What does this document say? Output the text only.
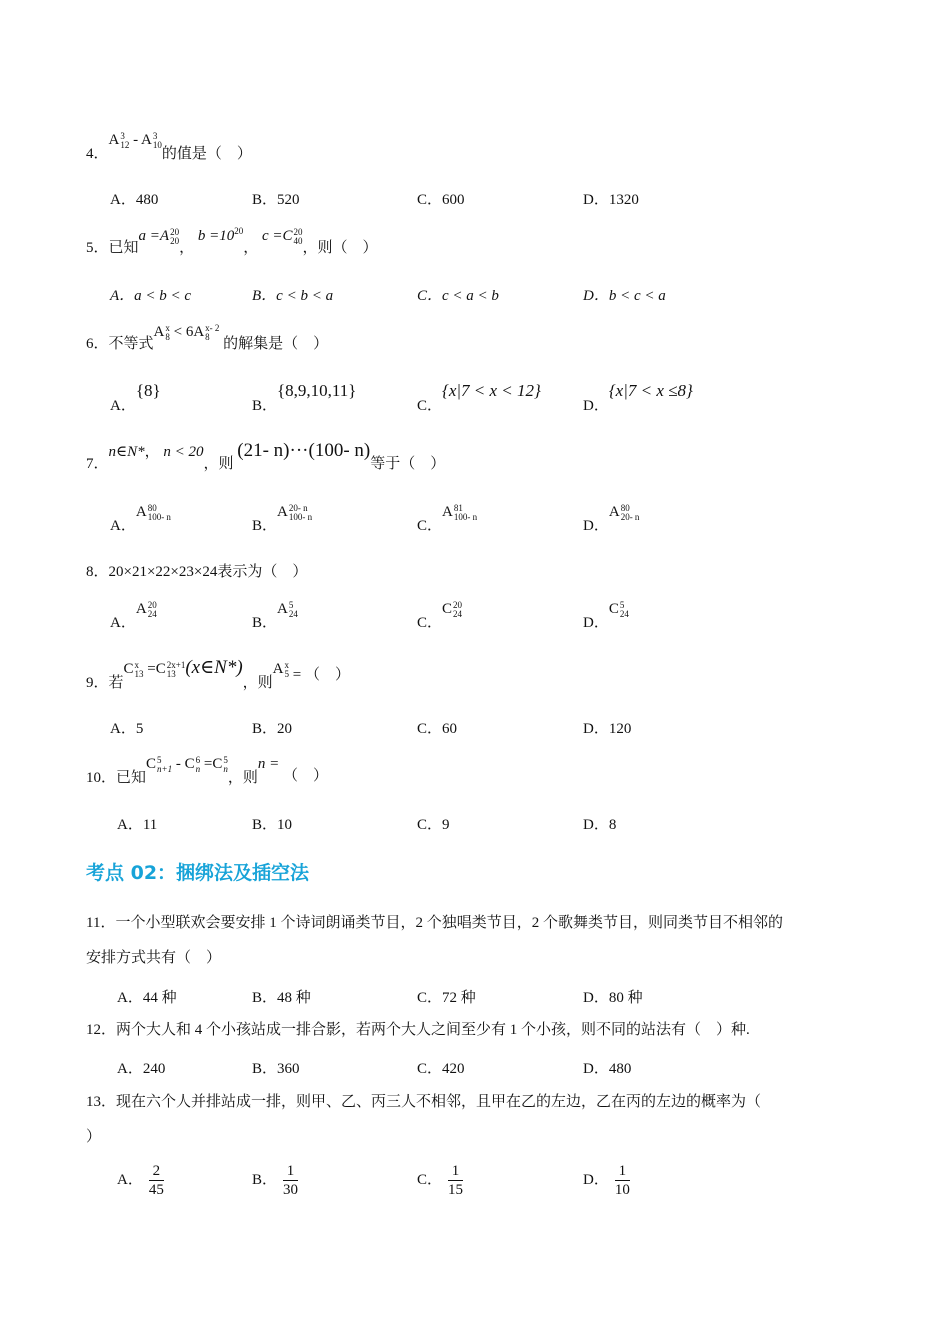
4．A 3
12 - A 3
10
的值是（　）
A．480	B．520	C．600	D．1320
5．已知a =A 20
20 ， $b =10^{20}$， c =C 20
40 ，则（　）
A．a < b < c	B．c < b < a	C．c < a < b	D．b < c < a
6．不等式A x
8 < 6A x- 2
8 的解集是（　）
A．{8}
B．{8,9,10,11}
C．{x|7 < x < 12}
D．{x|7 < x ≤8}
7．n∈N*， n < 20，则 (21- n)···(100- n)等于（　）
A．A 80
100- n
B．A 20- n
100- n
C．A 81
100- n
D．A 80
20- n
8．20×21×22×23×24表示为（　）
A．A 20
24
B．A 5
24
C．C 20
24
D．C 5
24
9．若C x
13 =C 2x+1
13 (x∈N*)，则A x
5 = （　）
A．5	B．20	C．60	D．120
10．已知C 5
n+1 - C 6
n =C 5
n，则n = （　）
A．11	B．10	C．9	D．8
考点 02：捆绑法及插空法
11．一个小型联欢会要安排 1 个诗词朗诵类节目，2 个独唱类节目，2 个歌舞类节目，则同类节目不相邻的
安排方式共有（　）
A．44 种	B．48 种	C．72 种	D．80 种
12．两个大人和 4 个小孩站成一排合影，若两个大人之间至少有 1 个小孩，则不同的站法有（　）种.
A．240	B．360	C．420	D．480
13．现在六个人并排站成一排，则甲、乙、丙三人不相邻，且甲在乙的左边，乙在丙的左边的概率为（
）
A． $\frac{2}{45}$	B． $\frac{1}{30}$	C． $\frac{1}{15}$	D． $\frac{1}{10}$
